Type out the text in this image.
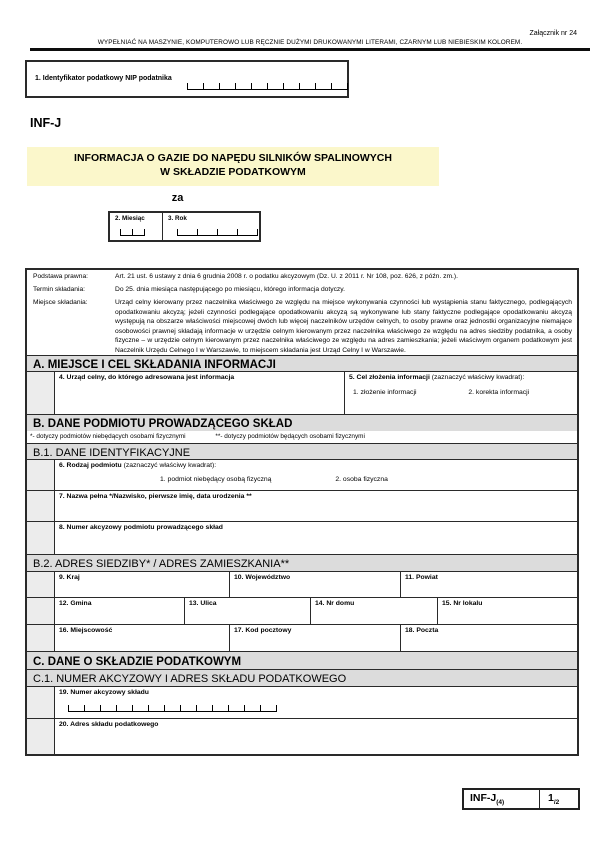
Załącznik nr 24
WYPEŁNIAĆ NA MASZYNIE, KOMPUTEROWO LUB RĘCZNIE DUŻYMI DRUKOWANYMI LITERAMI, CZARNYM LUB NIEBIESKIM KOLOREM.
1. Identyfikator podatkowy NIP podatnika
INF-J
INFORMACJA O GAZIE DO NAPĘDU SILNIKÓW SPALINOWYCH
W SKŁADZIE PODATKOWYM
za
2. Miesiąc	3. Rok
Podstawa prawna:	Art. 21 ust. 6 ustawy z dnia 6 grudnia 2008 r. o podatku akcyzowym (Dz. U. z 2011 r. Nr 108, poz. 626, z późn. zm.).
Termin składania:	Do 25. dnia miesiąca następującego po miesiącu, którego informacja dotyczy.
Miejsce składania:	Urząd celny kierowany przez naczelnika właściwego ze względu na miejsce wykonywania czynności lub wystąpienia stanu faktycznego, podlegających opodatkowaniu akcyzą; jeżeli czynności podlegające opodatkowaniu akcyzą są wykonywane lub stany faktyczne podlegające opodatkowaniu akcyzą występują na obszarze właściwości miejscowej dwóch lub więcej naczelników urzędów celnych, to osoby prawne oraz jednostki organizacyjne niemające osobowości prawnej składają informacje w urzędzie celnym kierowanym przez naczelnika właściwego ze względu na adres siedziby podatnika, a osoby fizyczne – w urzędzie celnym kierowanym przez naczelnika właściwego ze względu na adres zamieszkania; jeżeli właściwym organem podatkowym jest Naczelnik Urzędu Celnego I w Warszawie, to miejscem składania jest Urząd Celny I w Warszawie.
A. MIEJSCE I CEL SKŁADANIA INFORMACJI
4. Urząd celny, do którego adresowana jest informacja	5. Cel złożenia informacji (zaznaczyć właściwy kwadrat):
1. złożenie informacji	2. korekta informacji
B. DANE PODMIOTU PROWADZĄCEGO SKŁAD
*- dotyczy podmiotów niebędących osobami fizycznymi	**- dotyczy podmiotów będących osobami fizycznymi
B.1. DANE IDENTYFIKACYJNE
6. Rodzaj podmiotu (zaznaczyć właściwy kwadrat):
1. podmiot niebędący osobą fizyczną	2. osoba fizyczna
7. Nazwa pełna */Nazwisko, pierwsze imię, data urodzenia **
8. Numer akcyzowy podmiotu prowadzącego skład
B.2. ADRES SIEDZIBY* / ADRES ZAMIESZKANIA**
9. Kraj	10. Województwo	11. Powiat
12. Gmina	13. Ulica	14. Nr domu	15. Nr lokalu
16. Miejscowość	17. Kod pocztowy	18. Poczta
C. DANE O SKŁADZIE PODATKOWYM
C.1. NUMER AKCYZOWY I ADRES SKŁADU PODATKOWEGO
19. Numer akcyzowy składu
20. Adres składu podatkowego
INF-$J_{(4)}$	$1_{/2}$
